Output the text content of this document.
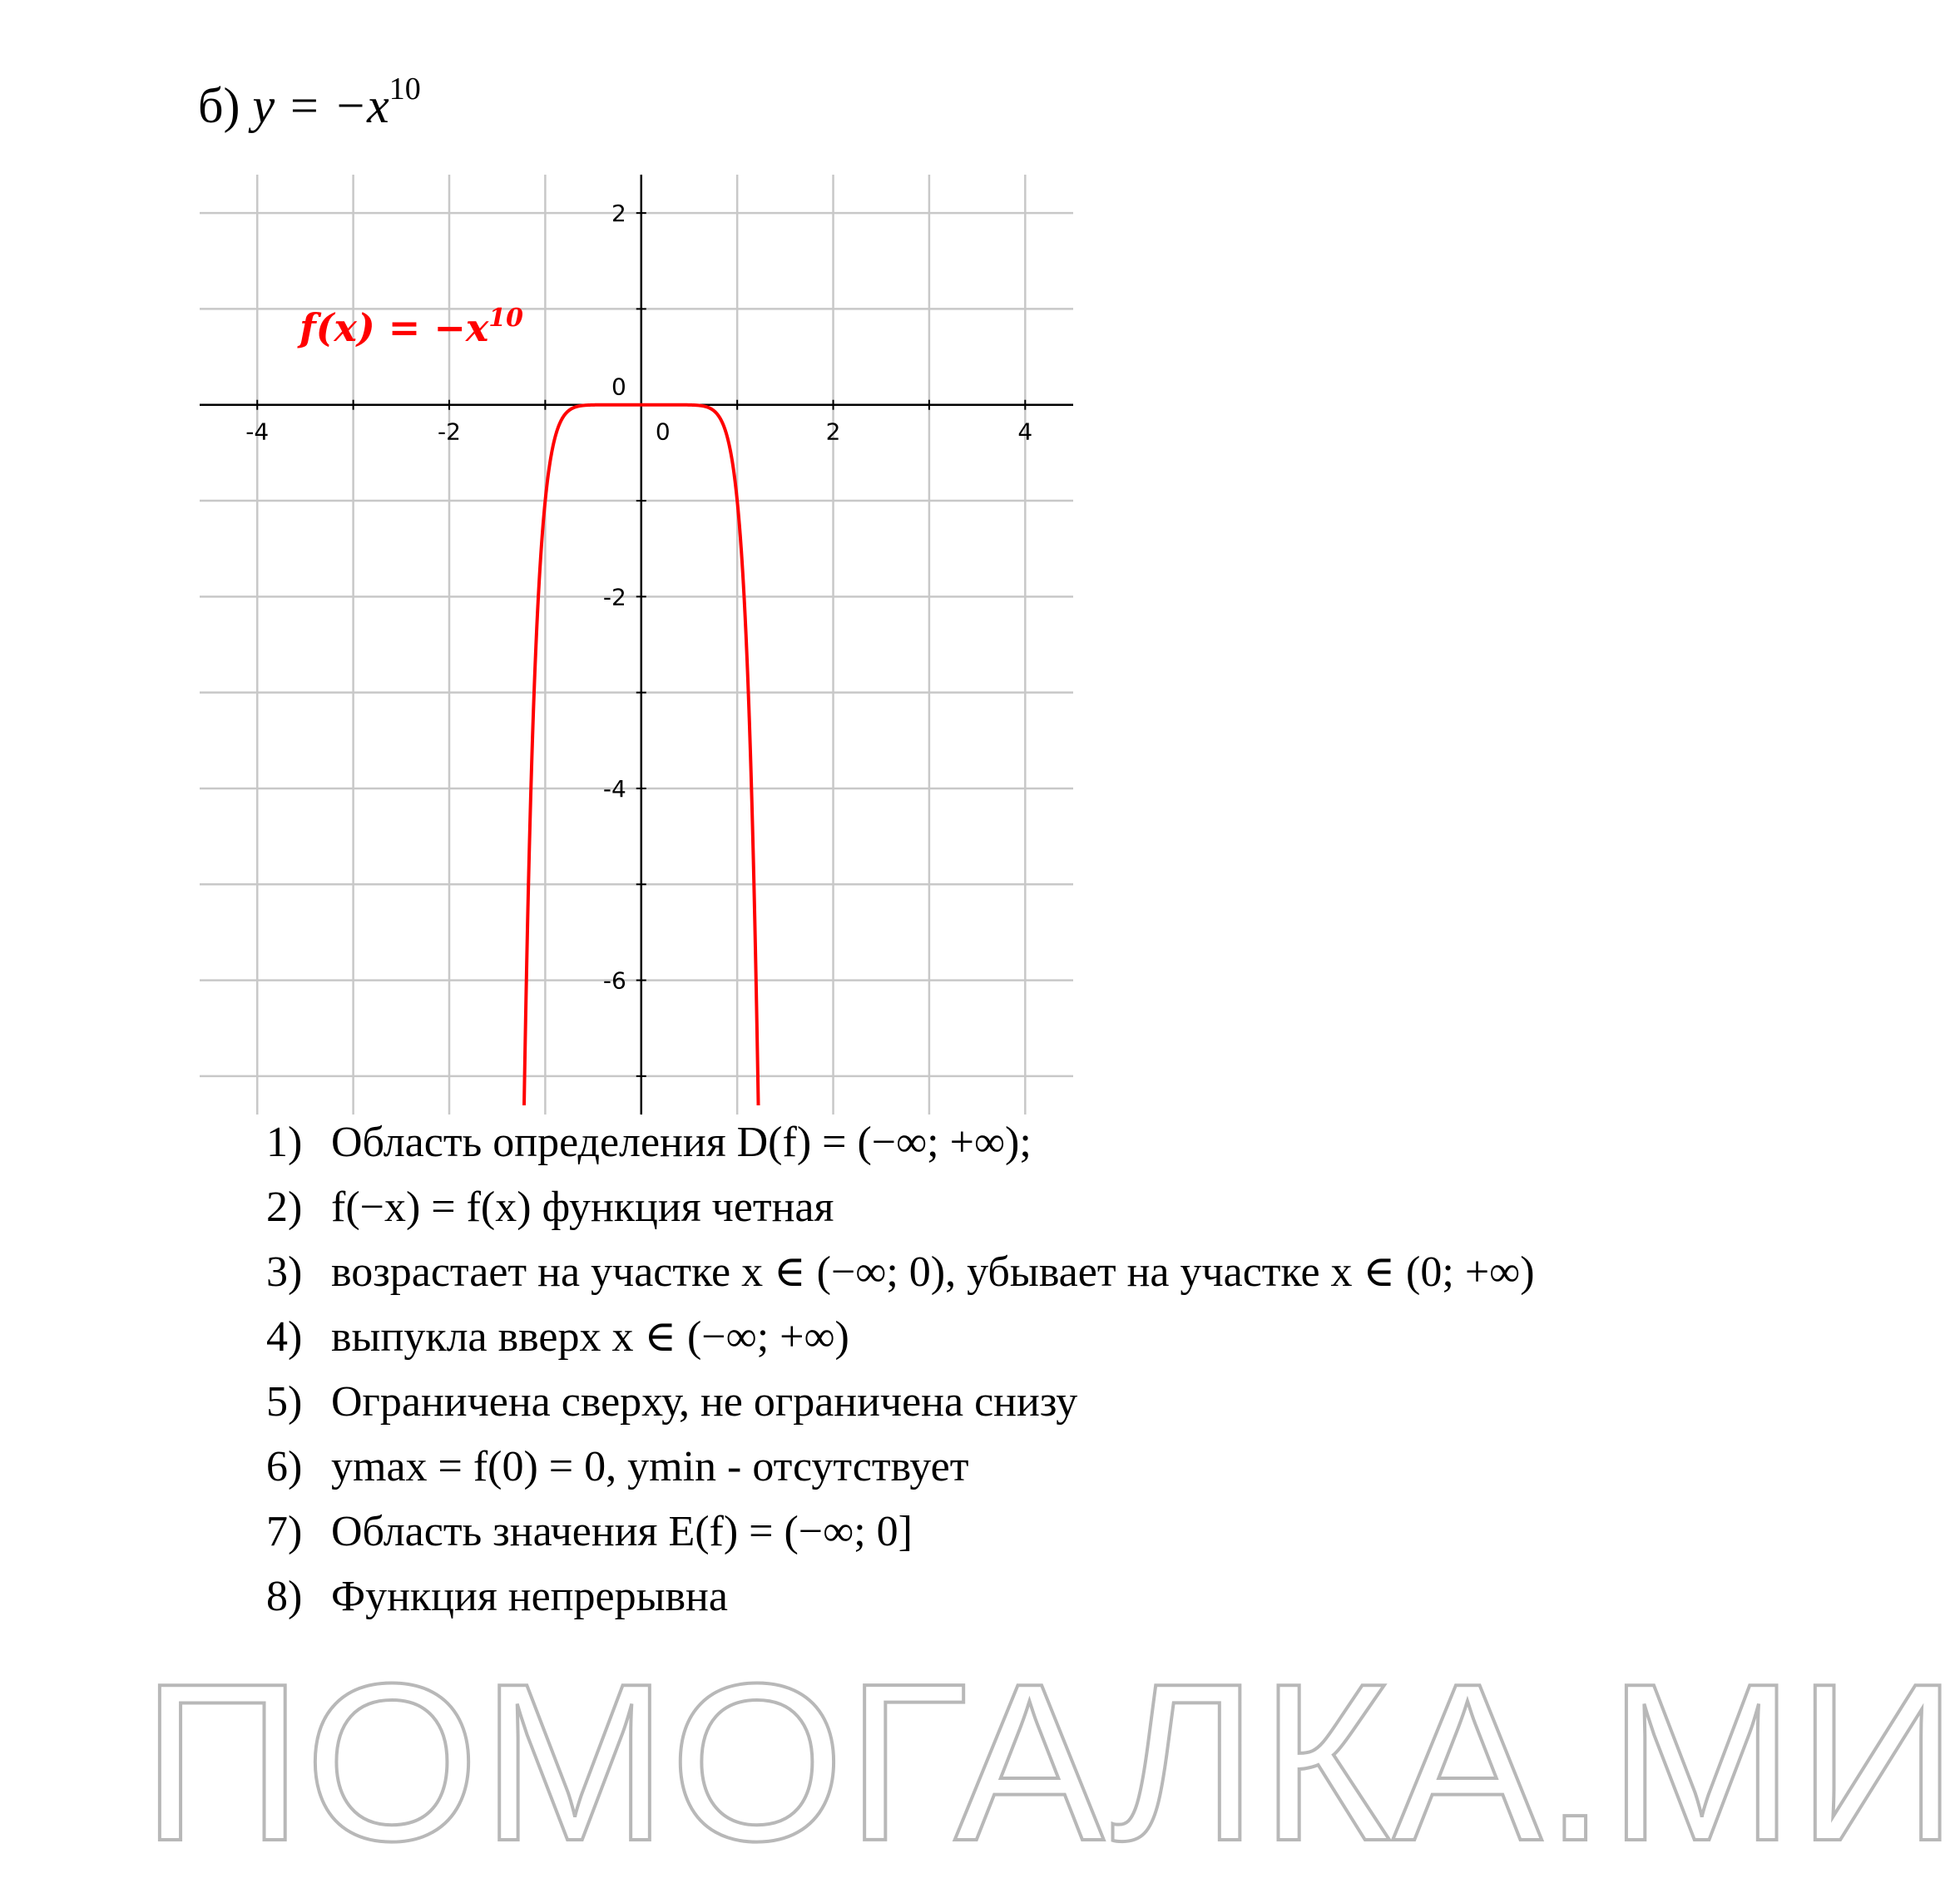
б) $y = -x^{10}$
-4	-2	0	2	4
2
0
-2
-4
-6
$f(x) = -x^{10}$
1) Область определения D(f) = (−∞; +∞);
2) f(−x) = f(x) функция четная
3) возрастает на участке x ∈ (−∞; 0), убывает на участке x ∈ (0; +∞)
4) выпукла вверх x ∈ (−∞; +∞)
5) Ограничена сверху, не ограничена снизу
6) ymax = f(0) = 0, ymin - отсутствует
7) Область значения E(f) = (−∞; 0]
8) Функция непрерывна
ПОМОГАЛКА.МИ
